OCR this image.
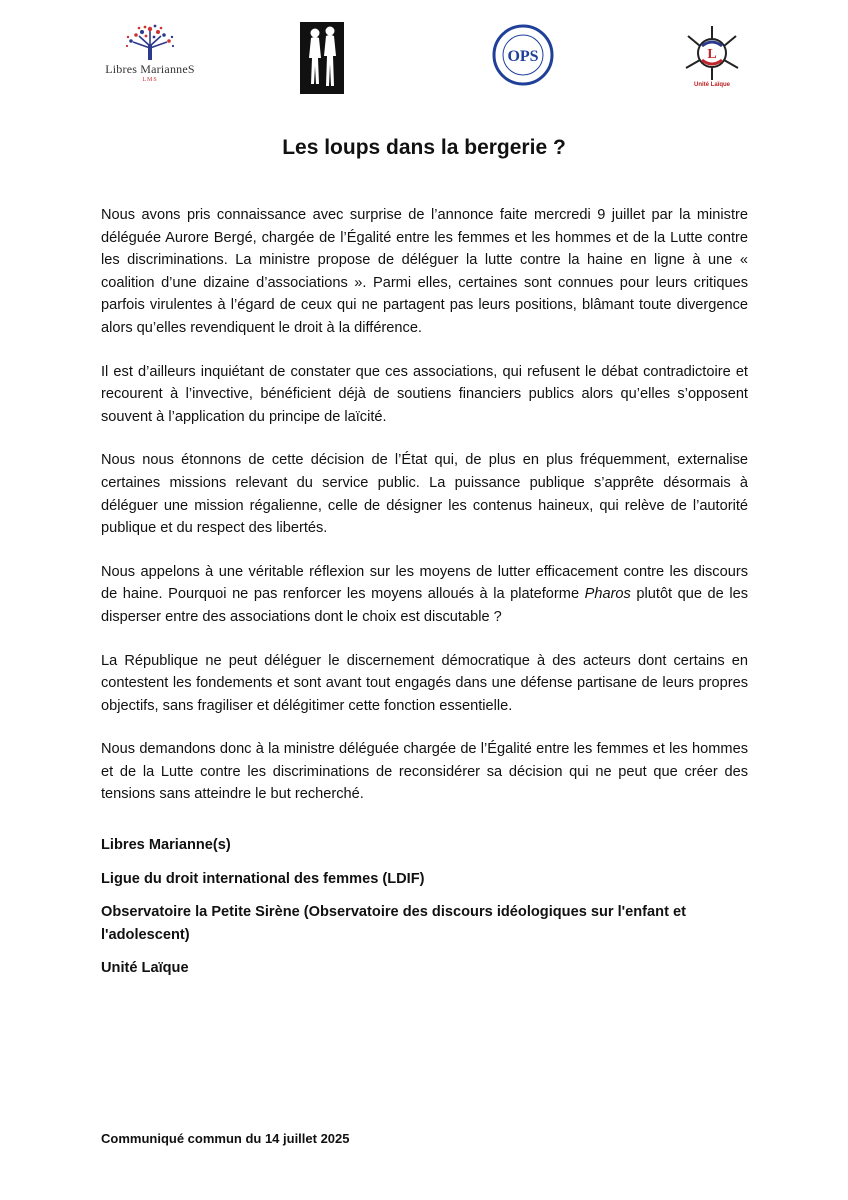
Libres MarianneS
LMS
OPS	L
Unité Laïque
Les loups dans la bergerie ?

Nous avons pris connaissance avec surprise de l’annonce faite mercredi 9 juillet par la ministre déléguée Aurore Bergé, chargée de l’Égalité entre les femmes et les hommes et de la Lutte contre les discriminations. La ministre propose de déléguer la lutte contre la haine en ligne à une « coalition d’une dizaine d’associations ». Parmi elles, certaines sont connues pour leurs critiques parfois virulentes à l’égard de ceux qui ne partagent pas leurs positions, blâmant toute divergence alors qu’elles revendiquent le droit à la différence.

Il est d’ailleurs inquiétant de constater que ces associations, qui refusent le débat contradictoire et recourent à l’invective, bénéficient déjà de soutiens financiers publics alors qu’elles s’opposent souvent à l’application du principe de laïcité.

Nous nous étonnons de cette décision de l’État qui, de plus en plus fréquemment, externalise certaines missions relevant du service public. La puissance publique s’apprête désormais à déléguer une mission régalienne, celle de désigner les contenus haineux, qui relève de l’autorité publique et du respect des libertés.

Nous appelons à une véritable réflexion sur les moyens de lutter efficacement contre les discours de haine. Pourquoi ne pas renforcer les moyens alloués à la plateforme Pharos plutôt que de les disperser entre des associations dont le choix est discutable ?

La République ne peut déléguer le discernement démocratique à des acteurs dont certains en contestent les fondements et sont avant tout engagés dans une défense partisane de leurs propres objectifs, sans fragiliser et délégitimer cette fonction essentielle.

Nous demandons donc à la ministre déléguée chargée de l’Égalité entre les femmes et les hommes et de la Lutte contre les discriminations de reconsidérer sa décision qui ne peut que créer des tensions sans atteindre le but recherché.

Libres Marianne(s)

Ligue du droit international des femmes (LDIF)

Observatoire la Petite Sirène (Observatoire des discours idéologiques sur l'enfant et l'adolescent)

Unité Laïque

Communiqué commun du 14 juillet 2025
